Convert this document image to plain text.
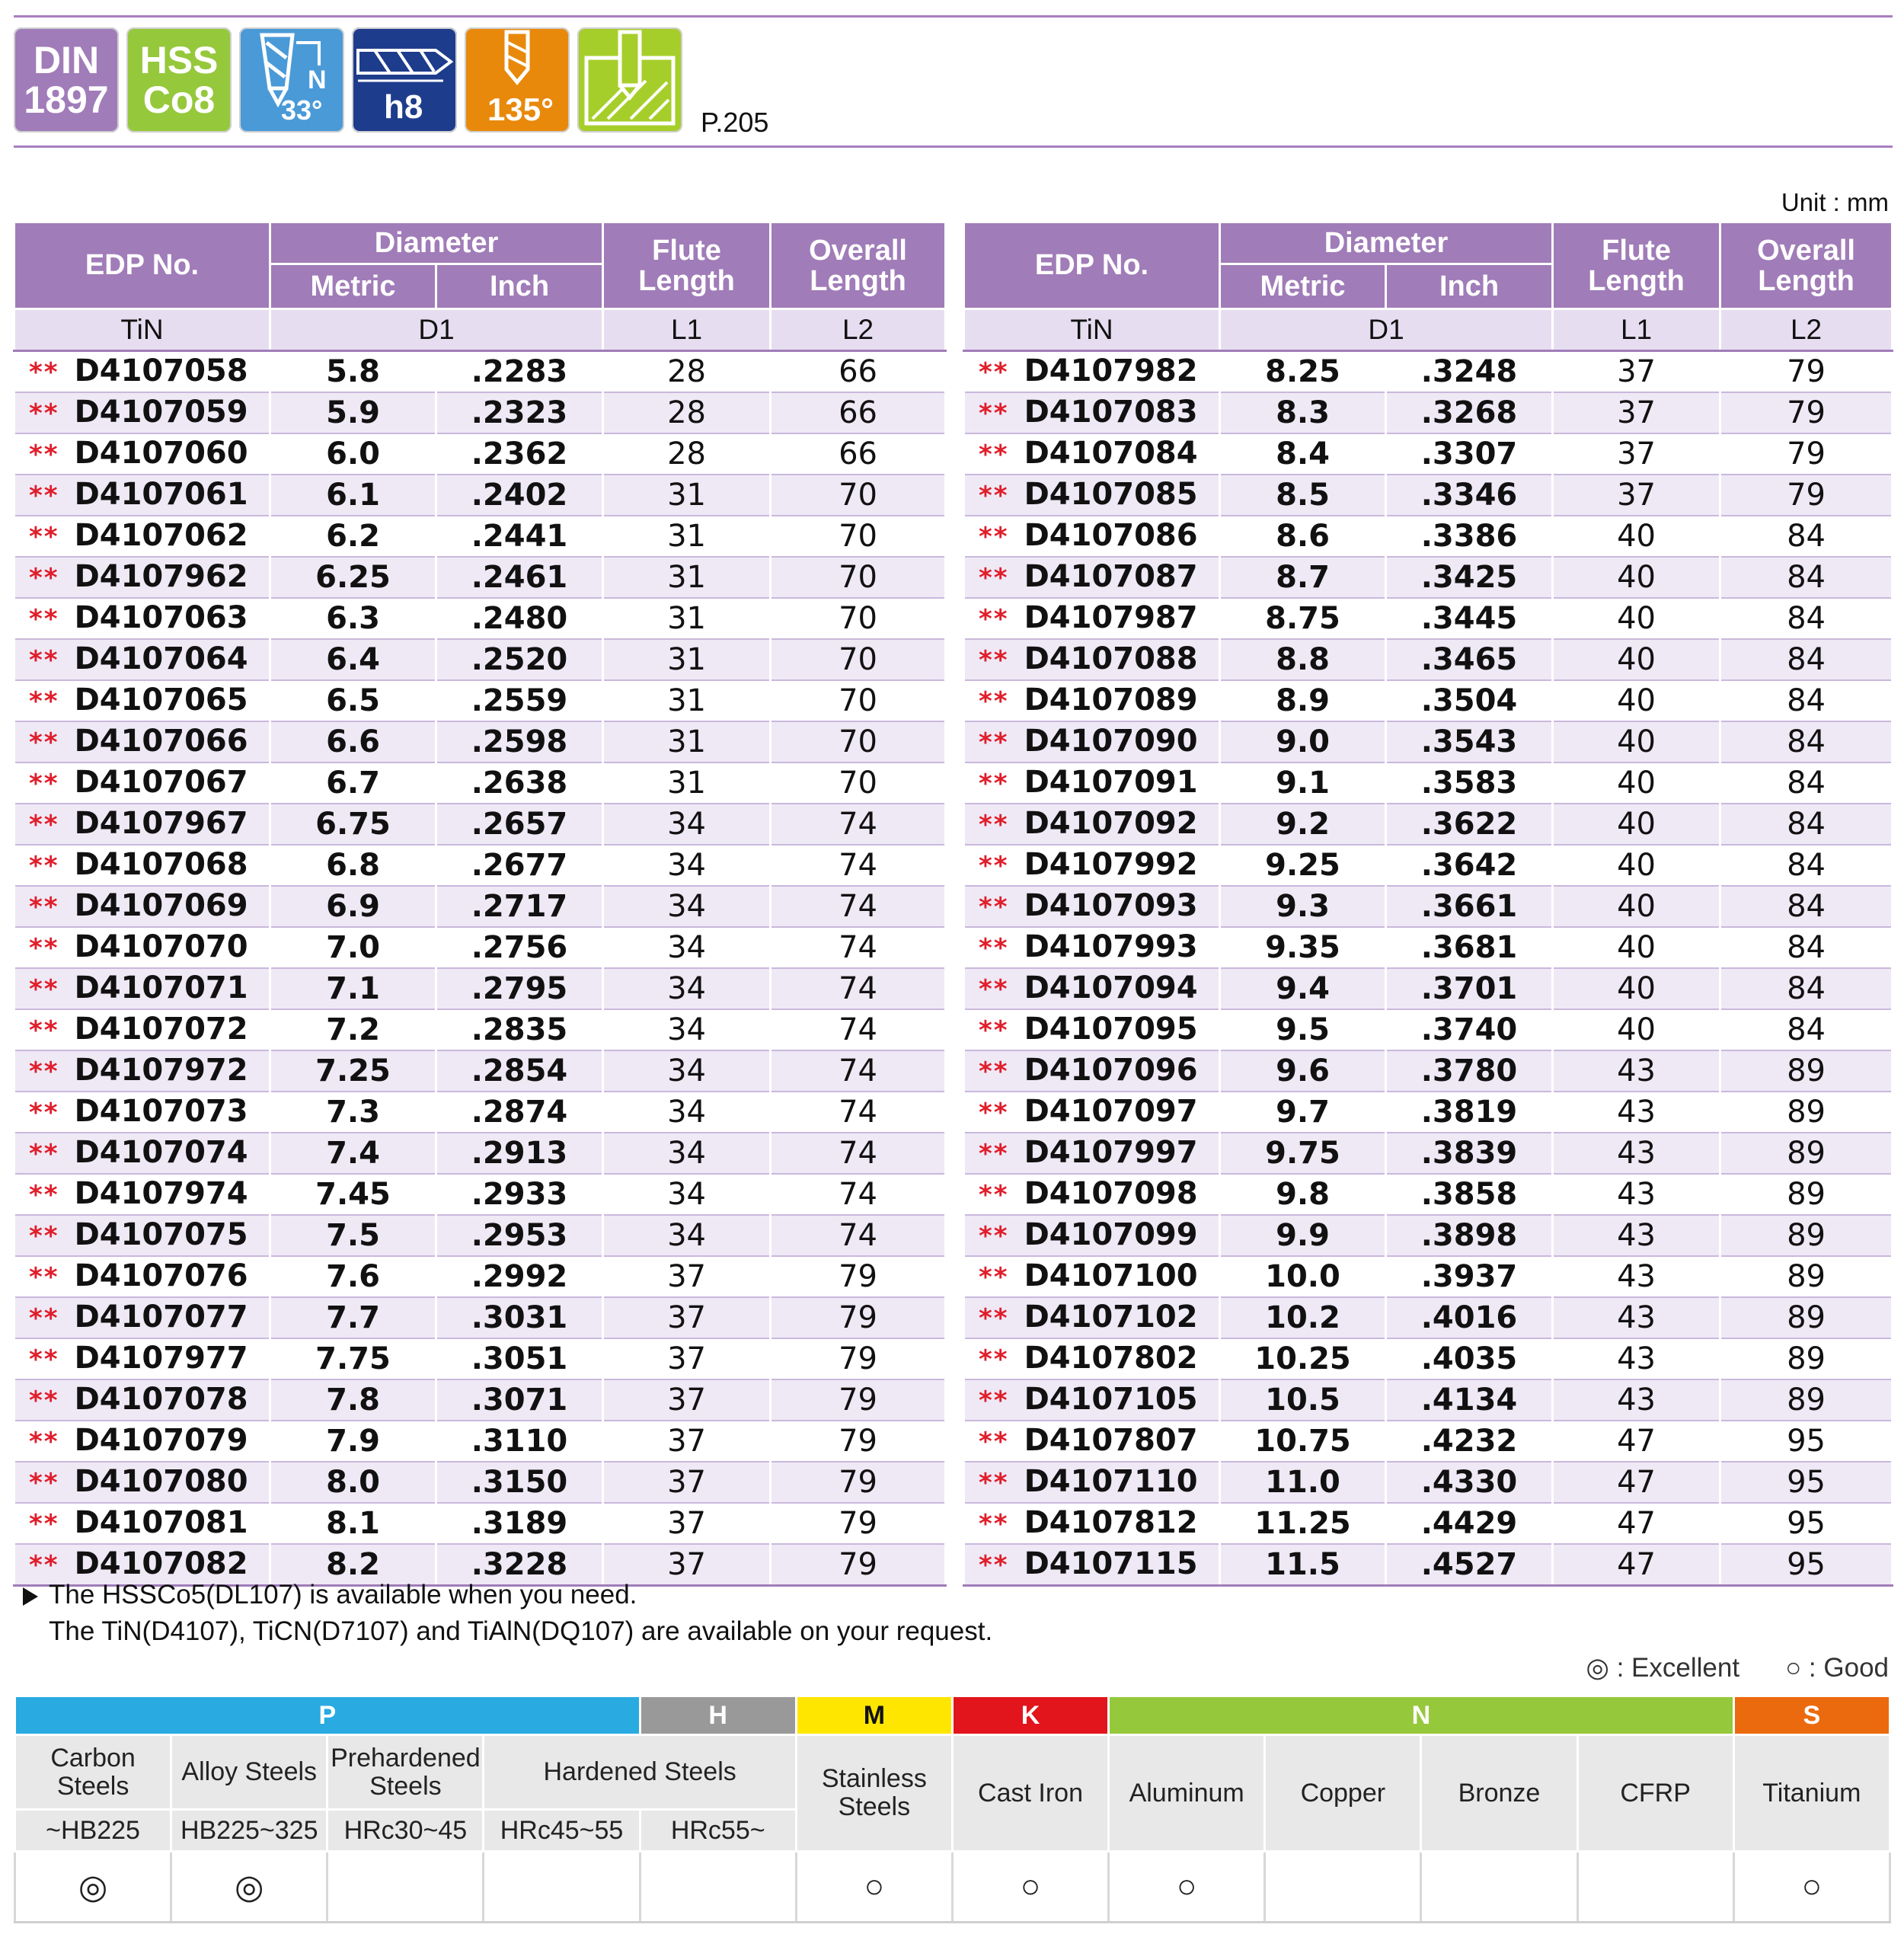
DIN
1897
HSS
Co8	N
33° h8 135°	P.205
Unit : mm
EDP No.	Diameter		Flute Length	Overall Length
	Metric	Inch		
TiN	D1		L1	L2
** D4107058	5.8	.2283	28	66
** D4107059	5.9	.2323	28	66
** D4107060	6.0	.2362	28	66
** D4107061	6.1	.2402	31	70
** D4107062	6.2	.2441	31	70
** D4107962	6.25	.2461	31	70
** D4107063	6.3	.2480	31	70
** D4107064	6.4	.2520	31	70
** D4107065	6.5	.2559	31	70
** D4107066	6.6	.2598	31	70
** D4107067	6.7	.2638	31	70
** D4107967	6.75	.2657	34	74
** D4107068	6.8	.2677	34	74
** D4107069	6.9	.2717	34	74
** D4107070	7.0	.2756	34	74
** D4107071	7.1	.2795	34	74
** D4107072	7.2	.2835	34	74
** D4107972	7.25	.2854	34	74
** D4107073	7.3	.2874	34	74
** D4107074	7.4	.2913	34	74
** D4107974	7.45	.2933	34	74
** D4107075	7.5	.2953	34	74
** D4107076	7.6	.2992	37	79
** D4107077	7.7	.3031	37	79
** D4107977	7.75	.3051	37	79
** D4107078	7.8	.3071	37	79
** D4107079	7.9	.3110	37	79
** D4107080	8.0	.3150	37	79
** D4107081	8.1	.3189	37	79
** D4107082	8.2	.3228	37	79
EDP No.	Diameter		Flute Length	Overall Length
	Metric	Inch		
TiN	D1		L1	L2
** D4107982	8.25	.3248	37	79
** D4107083	8.3	.3268	37	79
** D4107084	8.4	.3307	37	79
** D4107085	8.5	.3346	37	79
** D4107086	8.6	.3386	40	84
** D4107087	8.7	.3425	40	84
** D4107987	8.75	.3445	40	84
** D4107088	8.8	.3465	40	84
** D4107089	8.9	.3504	40	84
** D4107090	9.0	.3543	40	84
** D4107091	9.1	.3583	40	84
** D4107092	9.2	.3622	40	84
** D4107992	9.25	.3642	40	84
** D4107093	9.3	.3661	40	84
** D4107993	9.35	.3681	40	84
** D4107094	9.4	.3701	40	84
** D4107095	9.5	.3740	40	84
** D4107096	9.6	.3780	43	89
** D4107097	9.7	.3819	43	89
** D4107997	9.75	.3839	43	89
** D4107098	9.8	.3858	43	89
** D4107099	9.9	.3898	43	89
** D4107100	10.0	.3937	43	89
** D4107102	10.2	.4016	43	89
** D4107802	10.25	.4035	43	89
** D4107105	10.5	.4134	43	89
** D4107807	10.75	.4232	47	95
** D4107110	11.0	.4330	47	95
** D4107812	11.25	.4429	47	95
** D4107115	11.5	.4527	47	95
The HSSCo5(DL107) is available when you need.
The TiN(D4107), TiCN(D7107) and TiAlN(DQ107) are available on your request.
◎ : Excellent ○ : Good
P				H	M	K	N				S
Carbon Steels	Alloy Steels	Prehardened Steels	Hardened Steels		Stainless Steels	Cast Iron	Aluminum	Copper	Bronze	CFRP	Titanium
~HB225	HB225~325	HRc30~45	HRc45~55	HRc55~							
◎	◎				○	○	○				○
